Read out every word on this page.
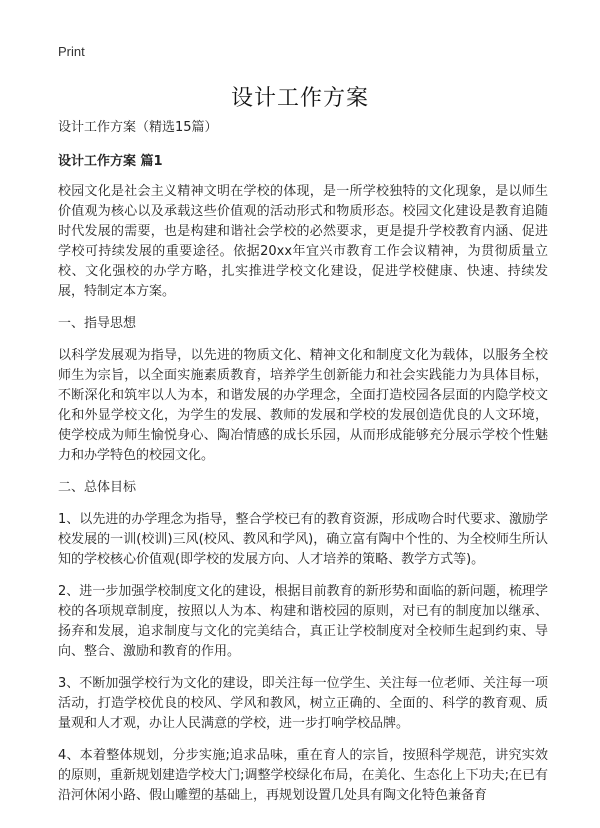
Print
设计工作方案

设计工作方案（精选15篇）

设计工作方案 篇1

校园文化是社会主义精神文明在学校的体现，是一所学校独特的文化现象，是以师生价值观为核心以及承载这些价值观的活动形式和物质形态。校园文化建设是教育追随时代发展的需要，也是构建和谐社会学校的必然要求，更是提升学校教育内涵、促进学校可持续发展的重要途径。依据20xx年宜兴市教育工作会议精神，为贯彻质量立校、文化强校的办学方略，扎实推进学校文化建设，促进学校健康、快速、持续发展，特制定本方案。

一、指导思想

以科学发展观为指导，以先进的物质文化、精神文化和制度文化为载体，以服务全校师生为宗旨，以全面实施素质教育，培养学生创新能力和社会实践能力为具体目标，不断深化和筑牢以人为本，和谐发展的办学理念，全面打造校园各层面的内隐学校文化和外显学校文化，为学生的发展、教师的发展和学校的发展创造优良的人文环境，使学校成为师生愉悦身心、陶冶情感的成长乐园，从而形成能够充分展示学校个性魅力和办学特色的校园文化。

二、总体目标

1、以先进的办学理念为指导，整合学校已有的教育资源，形成吻合时代要求、激励学校发展的一训(校训)三风(校风、教风和学风)，确立富有陶中个性的、为全校师生所认知的学校核心价值观(即学校的发展方向、人才培养的策略、教学方式等)。

2、进一步加强学校制度文化的建设，根据目前教育的新形势和面临的新问题，梳理学校的各项规章制度，按照以人为本、构建和谐校园的原则，对已有的制度加以继承、扬弃和发展，追求制度与文化的完美结合，真正让学校制度对全校师生起到约束、导向、整合、激励和教育的作用。

3、不断加强学校行为文化的建设，即关注每一位学生、关注每一位老师、关注每一项活动，打造学校优良的校风、学风和教风，树立正确的、全面的、科学的教育观、质量观和人才观，办让人民满意的学校，进一步打响学校品牌。

4、本着整体规划，分步实施;追求品味，重在育人的宗旨，按照科学规范，讲究实效的原则，重新规划建造学校大门;调整学校绿化布局，在美化、生态化上下功夫;在已有沿河休闲小路、假山雕塑的基础上，再规划设置几处具有陶文化特色兼备育
